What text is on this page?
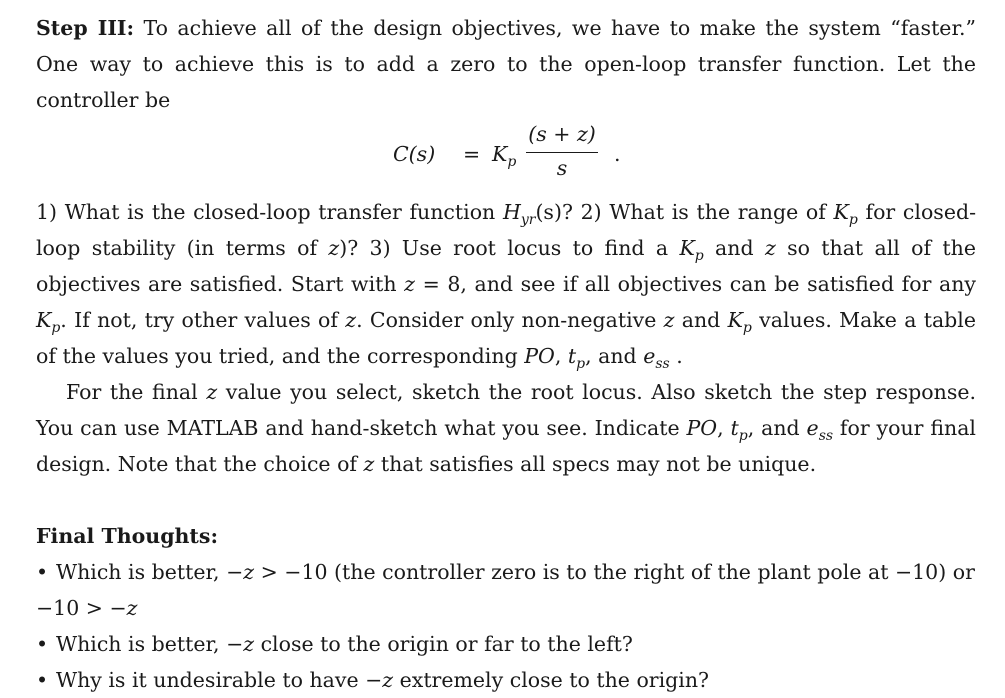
Step III: To achieve all of the design objectives, we have to make the system “faster.” One way to achieve this is to add a zero to the open-loop transfer function. Let the controller be

$C(s) = K_p$
(s + z)
s
.

1) What is the closed-loop transfer function $H_{yr}(s)$? 2) What is the range of $K_p$ for closed-loop stability (in terms of z)? 3) Use root locus to find a $K_p$ and z so that all of the objectives are satisfied. Start with z = 8, and see if all objectives can be satisfied for any $K_p$. If not, try other values of z. Consider only non-negative z and $K_p$ values. Make a table of the values you tried, and the corresponding PO, $t_p$, and $e_{ss}$ .

For the final z value you select, sketch the root locus. Also sketch the step response. You can use MATLAB and hand-sketch what you see. Indicate PO, $t_p$, and $e_{ss}$ for your final design. Note that the choice of z that satisfies all specs may not be unique.

Final Thoughts:

• Which is better, −z > −10 (the controller zero is to the right of the plant pole at −10) or −10 > −z

• Which is better, −z close to the origin or far to the left?

• Why is it undesirable to have −z extremely close to the origin?
